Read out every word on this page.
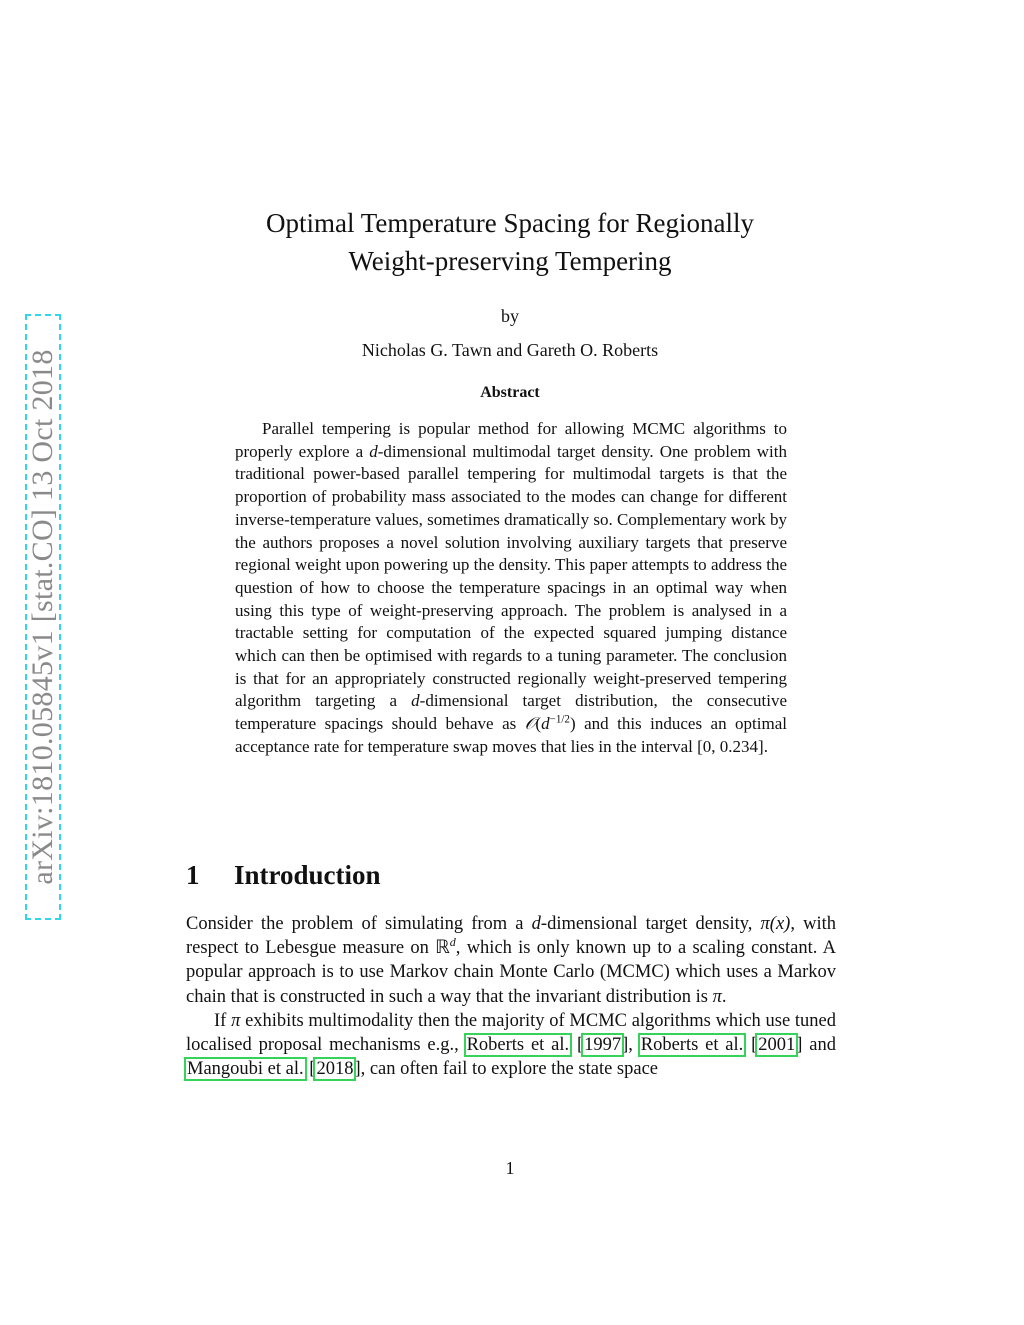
arXiv:1810.05845v1 [stat.CO] 13 Oct 2018
Optimal Temperature Spacing for Regionally
Weight-preserving Tempering
by
Nicholas G. Tawn and Gareth O. Roberts
Abstract

Parallel tempering is popular method for allowing MCMC algorithms to properly explore a d-dimensional multimodal target density. One problem with traditional power-based parallel tempering for multimodal targets is that the proportion of probability mass associated to the modes can change for different inverse-temperature values, sometimes dramatically so. Complementary work by the authors proposes a novel solution involving auxiliary targets that preserve regional weight upon powering up the density. This paper attempts to address the question of how to choose the temperature spacings in an optimal way when using this type of weight-preserving approach. The problem is analysed in a tractable setting for computation of the expected squared jumping distance which can then be optimised with regards to a tuning parameter. The conclusion is that for an appropriately constructed regionally weight-preserved tempering algorithm targeting a d-dimensional target distribution, the consecutive temperature spacings should behave as $𝒪(d^{-1/2})$ and this induces an optimal acceptance rate for temperature swap moves that lies in the interval [0, 0.234].

1 Introduction

Consider the problem of simulating from a d-dimensional target density, π(x), with respect to Lebesgue measure on ℝ$^d$, which is only known up to a scaling constant. A popular approach is to use Markov chain Monte Carlo (MCMC) which uses a Markov chain that is constructed in such a way that the invariant distribution is π.

If π exhibits multimodality then the majority of MCMC algorithms which use tuned localised proposal mechanisms e.g., Roberts et al. [1997], Roberts et al. [2001] and Mangoubi et al. [2018], can often fail to explore the state space

1
